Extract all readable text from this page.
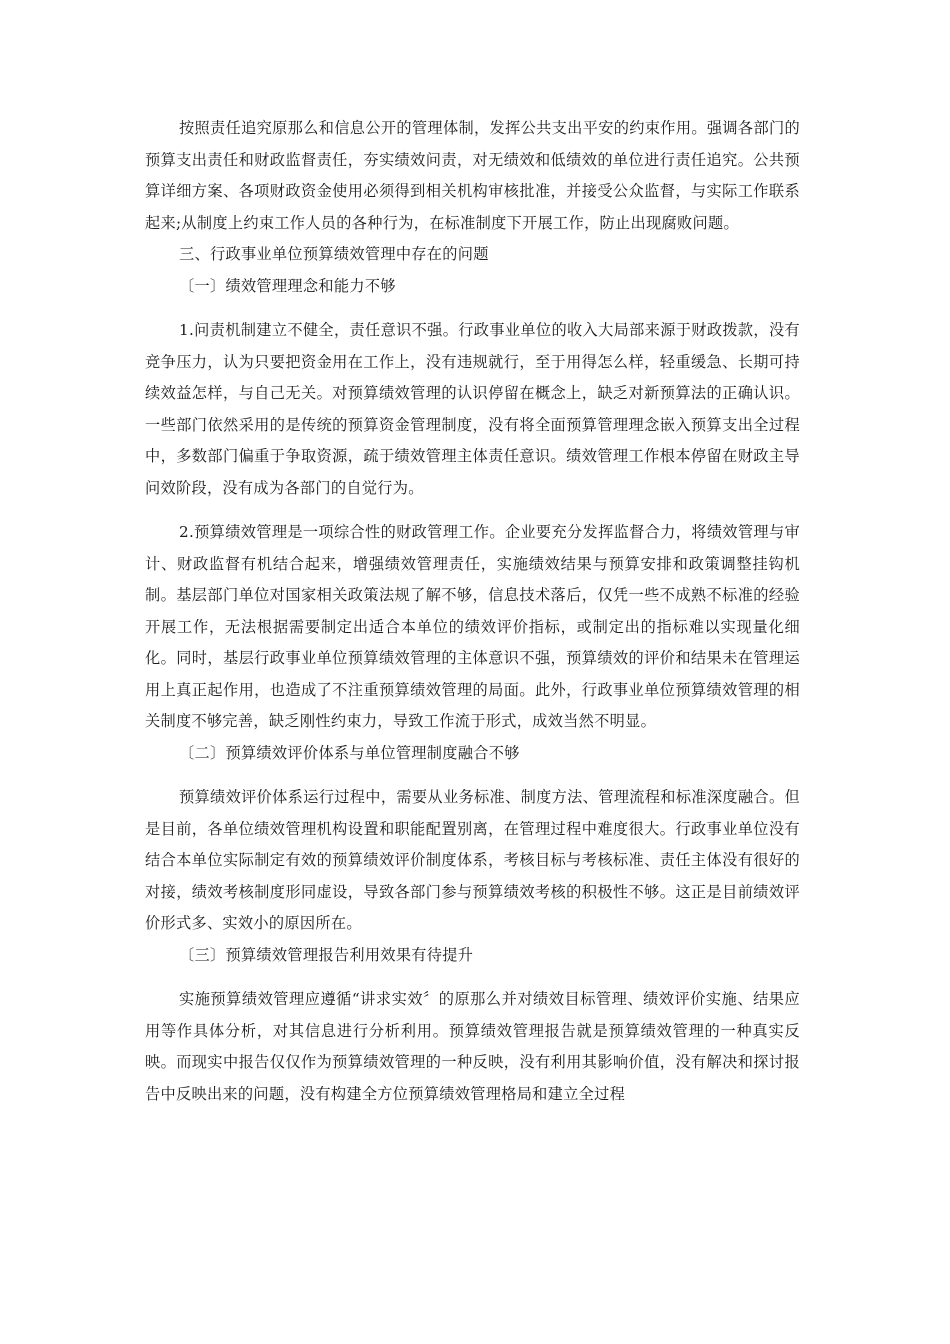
按照责任追究原那么和信息公开的管理体制，发挥公共支出平安的约束作用。强调各部门的预算支出责任和财政监督责任，夯实绩效问责，对无绩效和低绩效的单位进行责任追究。公共预算详细方案、各项财政资金使用必须得到相关机构审核批准，并接受公众监督，与实际工作联系起来;从制度上约束工作人员的各种行为，在标准制度下开展工作，防止出现腐败问题。

三、行政事业单位预算绩效管理中存在的问题

〔一〕绩效管理理念和能力不够

1.问责机制建立不健全，责任意识不强。行政事业单位的收入大局部来源于财政拨款，没有竞争压力，认为只要把资金用在工作上，没有违规就行，至于用得怎么样，轻重缓急、长期可持续效益怎样，与自己无关。对预算绩效管理的认识停留在概念上，缺乏对新预算法的正确认识。一些部门依然采用的是传统的预算资金管理制度，没有将全面预算管理理念嵌入预算支出全过程中，多数部门偏重于争取资源，疏于绩效管理主体责任意识。绩效管理工作根本停留在财政主导问效阶段，没有成为各部门的自觉行为。

2.预算绩效管理是一项综合性的财政管理工作。企业要充分发挥监督合力，将绩效管理与审计、财政监督有机结合起来，增强绩效管理责任，实施绩效结果与预算安排和政策调整挂钩机制。基层部门单位对国家相关政策法规了解不够，信息技术落后，仅凭一些不成熟不标准的经验开展工作，无法根据需要制定出适合本单位的绩效评价指标，或制定出的指标难以实现量化细化。同时，基层行政事业单位预算绩效管理的主体意识不强，预算绩效的评价和结果未在管理运用上真正起作用，也造成了不注重预算绩效管理的局面。此外，行政事业单位预算绩效管理的相关制度不够完善，缺乏刚性约束力，导致工作流于形式，成效当然不明显。

〔二〕预算绩效评价体系与单位管理制度融合不够

预算绩效评价体系运行过程中，需要从业务标准、制度方法、管理流程和标准深度融合。但是目前，各单位绩效管理机构设置和职能配置别离，在管理过程中难度很大。行政事业单位没有结合本单位实际制定有效的预算绩效评价制度体系，考核目标与考核标准、责任主体没有很好的对接，绩效考核制度形同虚设，导致各部门参与预算绩效考核的积极性不够。这正是目前绩效评价形式多、实效小的原因所在。

〔三〕预算绩效管理报告利用效果有待提升

实施预算绩效管理应遵循“讲求实效〞的原那么并对绩效目标管理、绩效评价实施、结果应用等作具体分析，对其信息进行分析利用。预算绩效管理报告就是预算绩效管理的一种真实反映。而现实中报告仅仅作为预算绩效管理的一种反映，没有利用其影响价值，没有解决和探讨报告中反映出来的问题，没有构建全方位预算绩效管理格局和建立全过程
